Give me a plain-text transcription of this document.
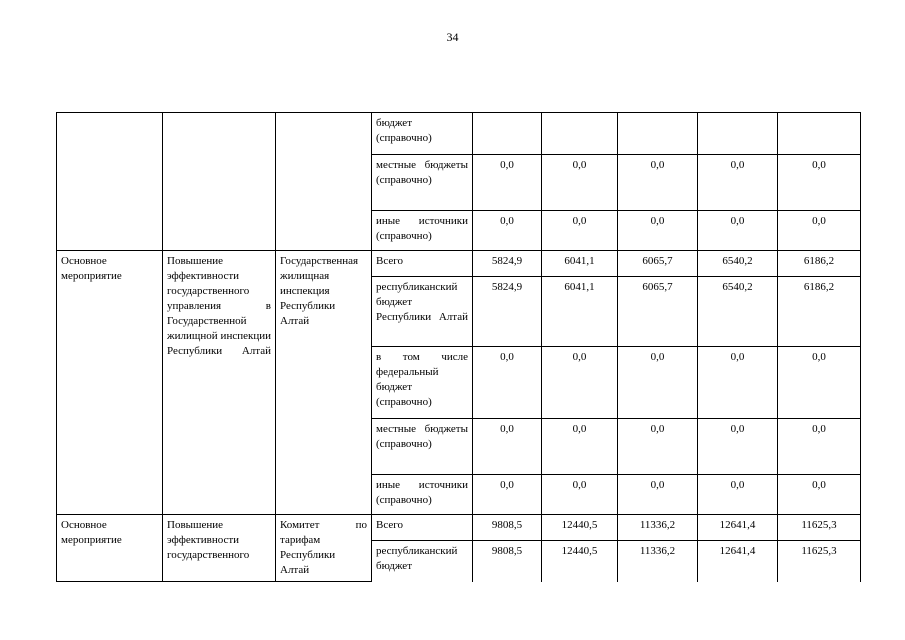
34

			бюджет (справочно)					

			местные бюджеты (справочно)	0,0	0,0	0,0	0,0	0,0

			иные источники (справочно)	0,0	0,0	0,0	0,0	0,0

Основное мероприятие	Повышение эффективности государственного управления в Государственной жилищной инспекции Республики Алтай	Государственная жилищная инспекция Республики Алтай	Всего	5824,9	6041,1	6065,7	6540,2	6186,2

			республиканский бюджет Республики Алтай	5824,9	6041,1	6065,7	6540,2	6186,2

			в том числе федеральный бюджет (справочно)	0,0	0,0	0,0	0,0	0,0

			местные бюджеты (справочно)	0,0	0,0	0,0	0,0	0,0

			иные источники (справочно)	0,0	0,0	0,0	0,0	0,0

Основное мероприятие	Повышение эффективности государственного	Комитет по тарифам Республики Алтай	Всего	9808,5	12440,5	11336,2	12641,4	11625,3

			республиканский бюджет	9808,5	12440,5	11336,2	12641,4	11625,3
